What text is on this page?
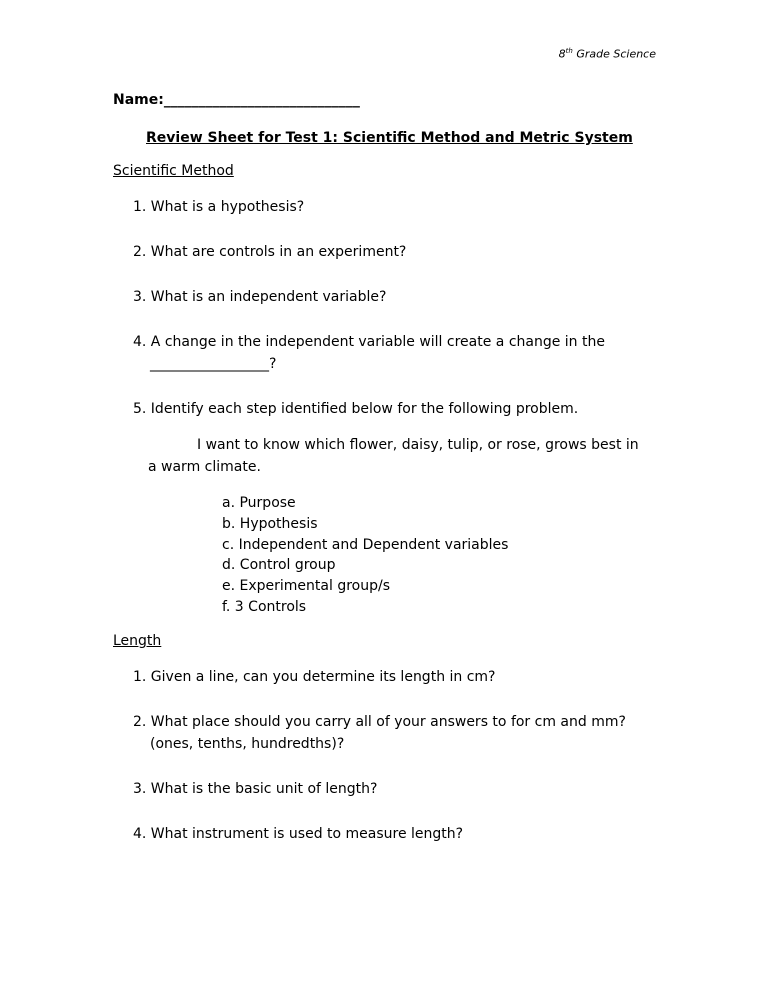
8th Grade Science
Name:____________________________
Review Sheet for Test 1: Scientific Method and Metric System
Scientific Method
1. What is a hypothesis?
2. What are controls in an experiment?
3. What is an independent variable?
4. A change in the independent variable will create a change in the
_________________?
5. Identify each step identified below for the following problem.
I want to know which flower, daisy, tulip, or rose, grows best in
a warm climate.
a. Purpose
b. Hypothesis
c. Independent and Dependent variables
d. Control group
e. Experimental group/s
f. 3 Controls
Length
1. Given a line, can you determine its length in cm?
2. What place should you carry all of your answers to for cm and mm?
(ones, tenths, hundredths)?
3. What is the basic unit of length?
4. What instrument is used to measure length?
